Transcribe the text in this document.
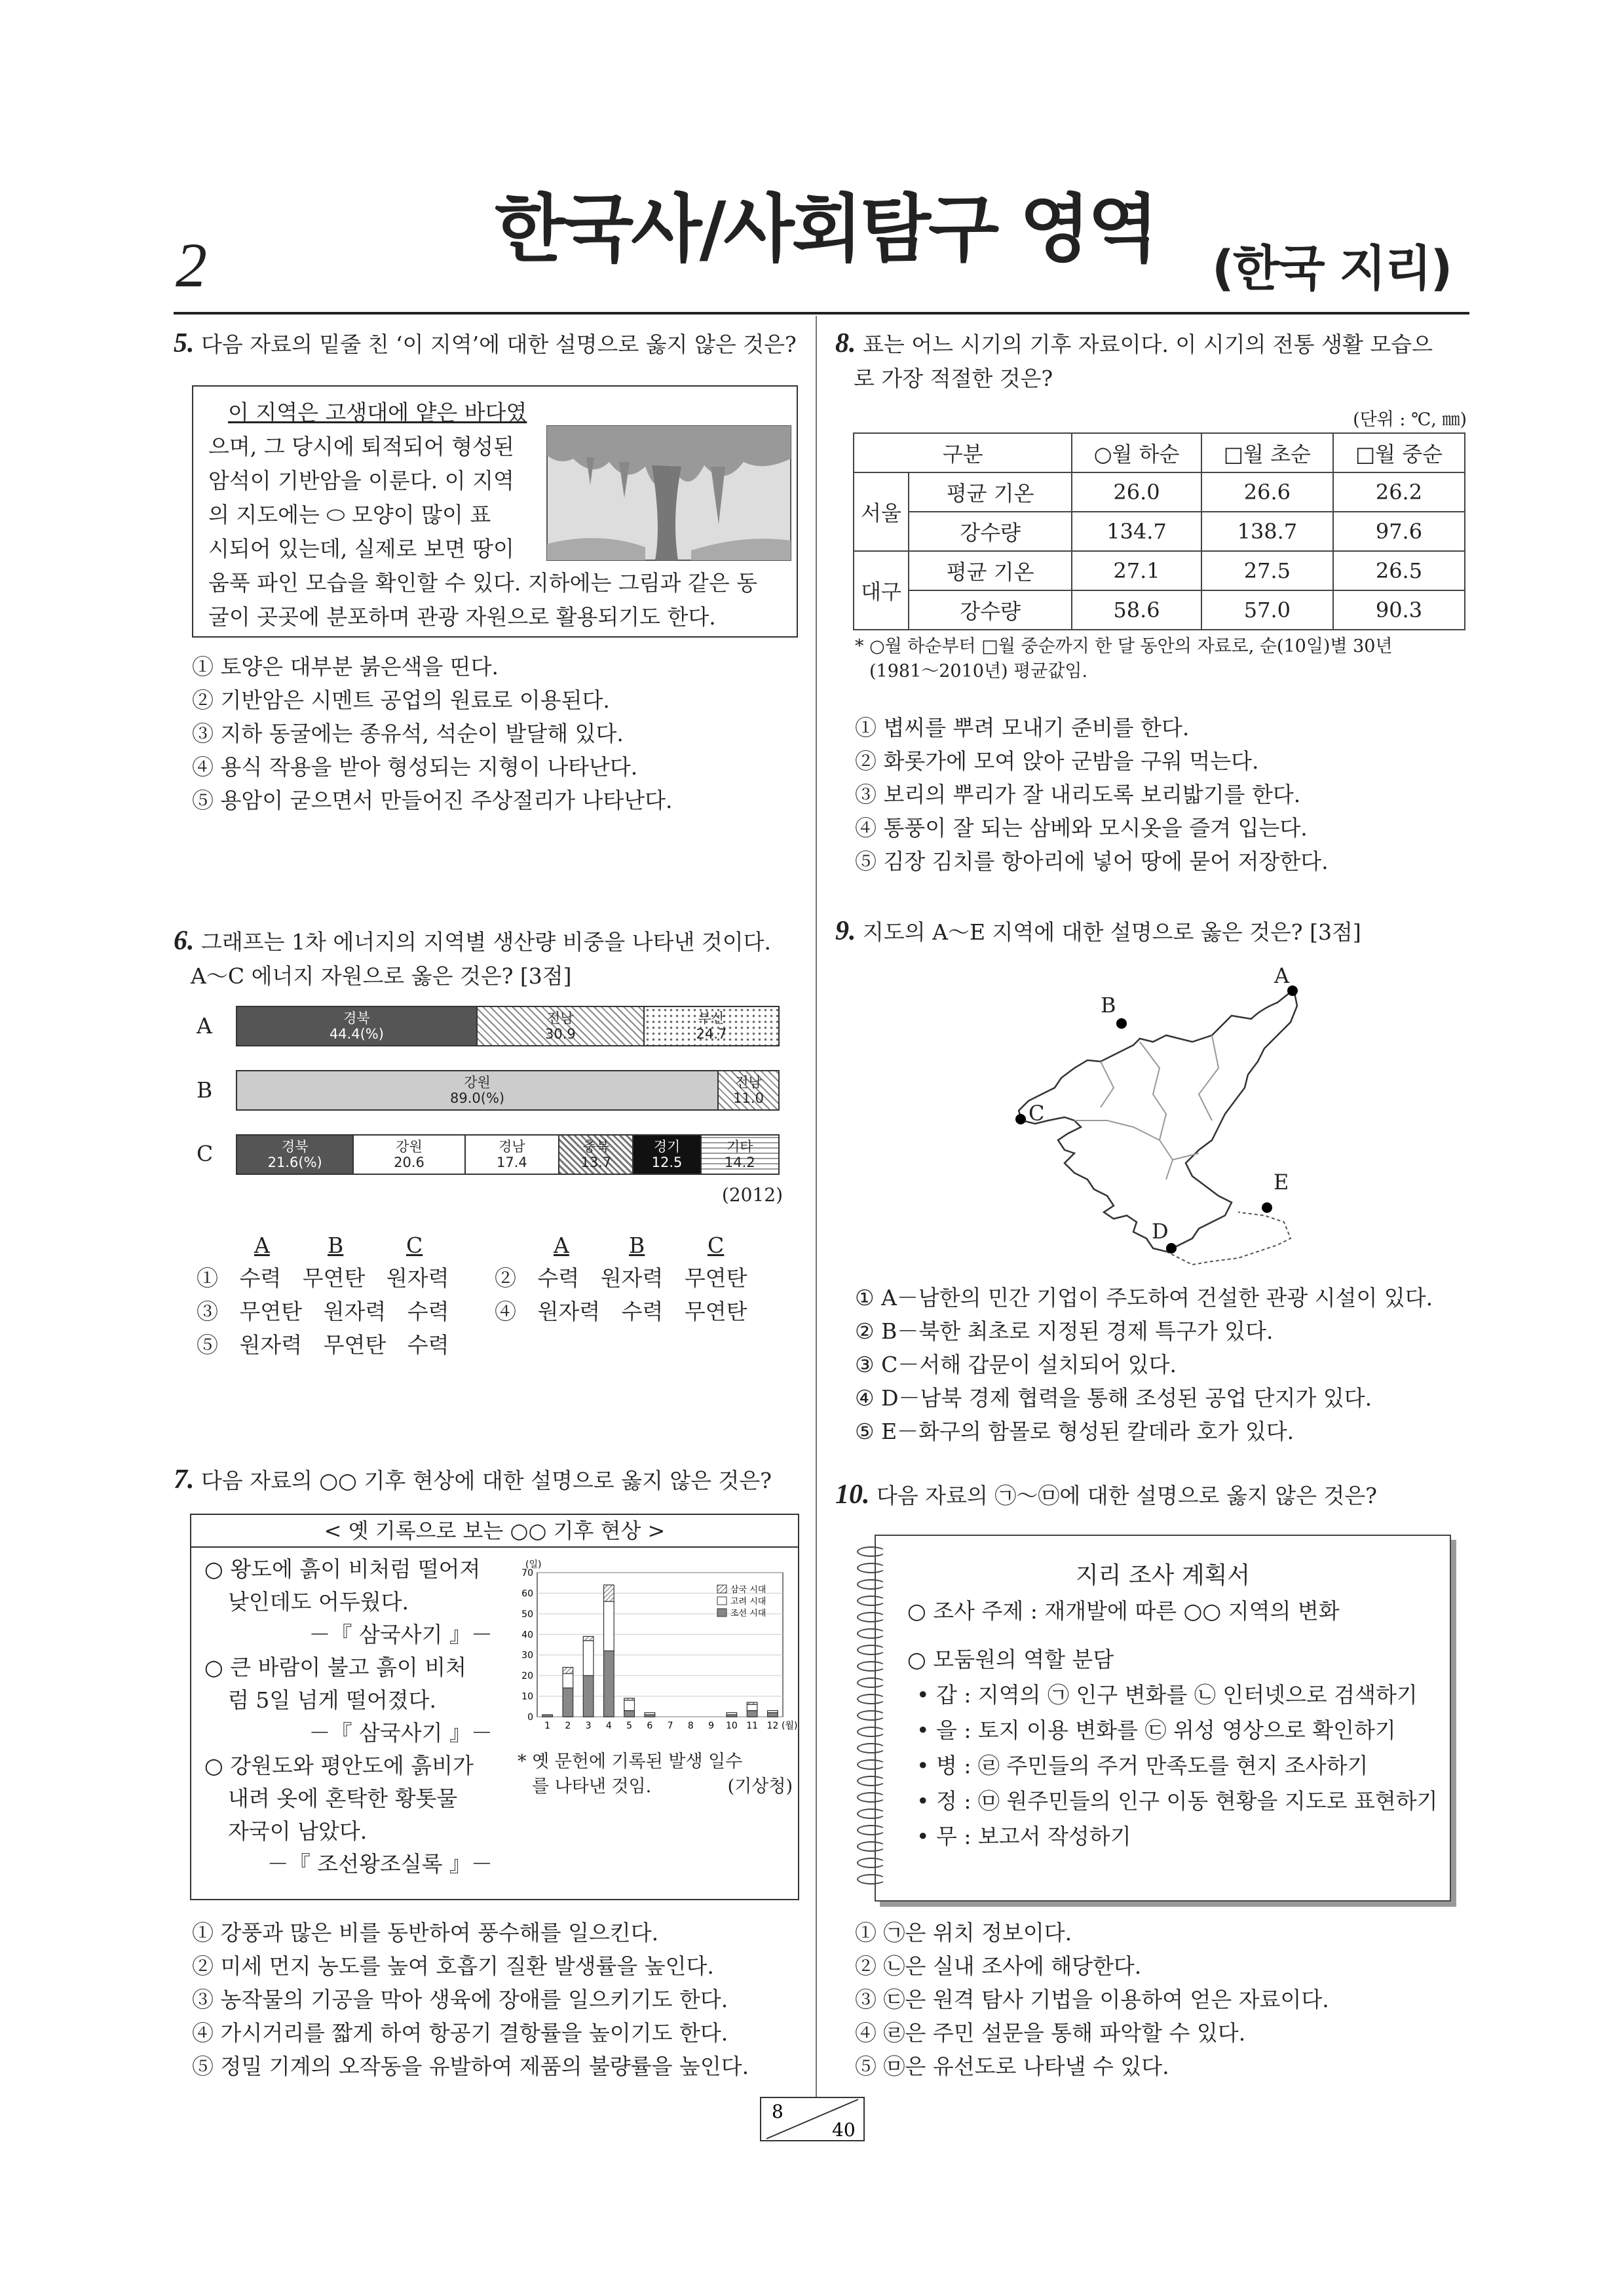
2	한국사/사회탐구 영역 (한국 지리)
5. 다음 자료의 밑줄 친 ‘이 지역’에 대한 설명으로 옳지 않은 것은?
이 지역은 고생대에 얕은 바다였
으며, 그 당시에 퇴적되어 형성된
암석이 기반암을 이룬다. 이 지역
의 지도에는 ⬭ 모양이 많이 표
시되어 있는데, 실제로 보면 땅이
움푹 파인 모습을 확인할 수 있다. 지하에는 그림과 같은 동
굴이 곳곳에 분포하며 관광 자원으로 활용되기도 한다.
① 토양은 대부분 붉은색을 띤다.
② 기반암은 시멘트 공업의 원료로 이용된다.
③ 지하 동굴에는 종유석, 석순이 발달해 있다.
④ 용식 작용을 받아 형성되는 지형이 나타난다.
⑤ 용암이 굳으면서 만들어진 주상절리가 나타난다.
6. 그래프는 1차 에너지의 지역별 생산량 비중을 나타낸 것이다.
A～C 에너지 자원으로 옳은 것은? [3점]
A
B
C
경북
44.4(%)
전남
30.9
부산
24.7
강원
89.0(%)
전남
11.0
경북
21.6(%)
강원
20.6
경남
17.4
충북
13.7
경기
12.5
기타
14.2
(2012)
A	B	C	A	B	C
① 수력 무연탄 원자력 ② 수력 원자력 무연탄
③ 무연탄 원자력 수력 ④ 원자력 수력 무연탄
⑤ 원자력 무연탄 수력
7. 다음 자료의 ○○ 기후 현상에 대한 설명으로 옳지 않은 것은?
< 옛 기록으로 보는 ○○ 기후 현상 >
○ 왕도에 흙이 비처럼 떨어져
낮인데도 어두웠다.
－『 삼국사기 』－
○ 큰 바람이 불고 흙이 비처
럼 5일 넘게 떨어졌다.
－『 삼국사기 』－
○ 강원도와 평안도에 흙비가
내려 옷에 혼탁한 황톳물
자국이 남았다.
－『 조선왕조실록 』－
0
10
20
30
40
50
60
70
(일)
1 2 3 4 5 6 7 8 9 10 11 12 (월)
삼국 시대
고려 시대
조선 시대
* 옛 문헌에 기록된 발생 일수
를 나타낸 것임.	(기상청)
① 강풍과 많은 비를 동반하여 풍수해를 일으킨다.
② 미세 먼지 농도를 높여 호흡기 질환 발생률을 높인다.
③ 농작물의 기공을 막아 생육에 장애를 일으키기도 한다.
④ 가시거리를 짧게 하여 항공기 결항률을 높이기도 한다.
⑤ 정밀 기계의 오작동을 유발하여 제품의 불량률을 높인다.
8. 표는 어느 시기의 기후 자료이다. 이 시기의 전통 생활 모습으
로 가장 적절한 것은?
(단위 : ℃, ㎜)
구분		○월 하순	□월 초순	□월 중순
서울	평균 기온	26.0	26.6	26.2
	강수량	134.7	138.7	97.6
대구	평균 기온	27.1	27.5	26.5
	강수량	58.6	57.0	90.3
* ○월 하순부터 □월 중순까지 한 달 동안의 자료로, 순(10일)별 30년
(1981～2010년) 평균값임.
① 볍씨를 뿌려 모내기 준비를 한다.
② 화롯가에 모여 앉아 군밤을 구워 먹는다.
③ 보리의 뿌리가 잘 내리도록 보리밟기를 한다.
④ 통풍이 잘 되는 삼베와 모시옷을 즐겨 입는다.
⑤ 김장 김치를 항아리에 넣어 땅에 묻어 저장한다.
9. 지도의 A～E 지역에 대한 설명으로 옳은 것은? [3점]
A
B
C
D
E
① A－남한의 민간 기업이 주도하여 건설한 관광 시설이 있다.
② B－북한 최초로 지정된 경제 특구가 있다.
③ C－서해 갑문이 설치되어 있다.
④ D－남북 경제 협력을 통해 조성된 공업 단지가 있다.
⑤ E－화구의 함몰로 형성된 칼데라 호가 있다.
10. 다음 자료의 ㉠～㉤에 대한 설명으로 옳지 않은 것은?
지리 조사 계획서
○ 조사 주제 : 재개발에 따른 ○○ 지역의 변화
○ 모둠원의 역할 분담
• 갑 : 지역의 ㉠ 인구 변화를 ㉡ 인터넷으로 검색하기
• 을 : 토지 이용 변화를 ㉢ 위성 영상으로 확인하기
• 병 : ㉣ 주민들의 주거 만족도를 현지 조사하기
• 정 : ㉤ 원주민들의 인구 이동 현황을 지도로 표현하기
• 무 : 보고서 작성하기
① ㉠은 위치 정보이다.
② ㉡은 실내 조사에 해당한다.
③ ㉢은 원격 탐사 기법을 이용하여 얻은 자료이다.
④ ㉣은 주민 설문을 통해 파악할 수 있다.
⑤ ㉤은 유선도로 나타낼 수 있다.
8
40
